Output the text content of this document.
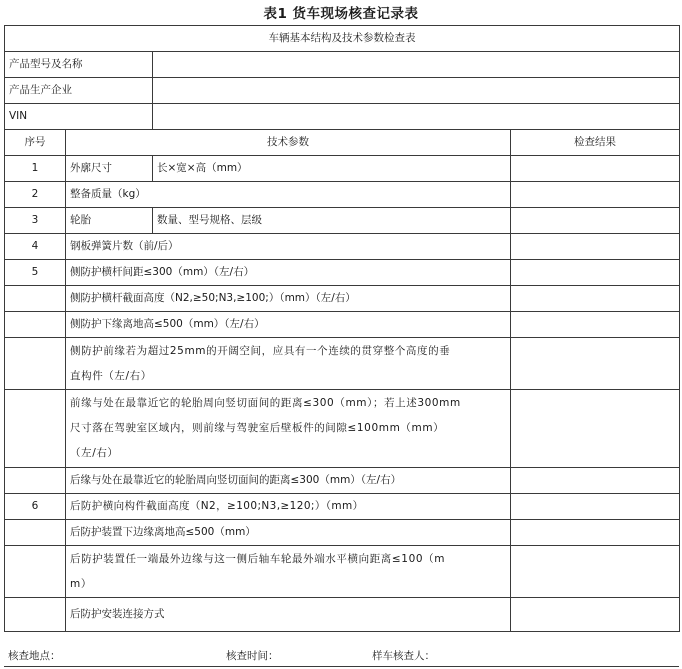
表1 货车现场核查记录表
车辆基本结构及技术参数检查表			
产品型号及名称			
产品生产企业			
VIN			
序号	技术参数		检查结果
1	外廓尺寸	长×宽×高（mm）	
2	整备质量（kg）		
3	轮胎	数量、型号规格、层级	
4	钢板弹簧片数（前/后）		
5	侧防护横杆间距≤300（mm）（左/右）		
	侧防护横杆截面高度（N2,≥50;N3,≥100;）（mm）（左/右）		
	侧防护下缘离地高≤500（mm）（左/右）		
	侧防护前缘若为超过25mm的开阔空间，应具有一个连续的贯穿整个高度的垂
直构件（左/右）		
	前缘与处在最靠近它的轮胎周向竖切面间的距离≤300（mm）；若上述300mm
尺寸落在驾驶室区域内，则前缘与驾驶室后壁板件的间隙≤100mm（mm）
（左/右）		
	后缘与处在最靠近它的轮胎周向竖切面间的距离≤300（mm）（左/右）		
6	后防护横向构件截面高度（N2，≥100;N3,≥120;）（mm）		
	后防护装置下边缘离地高≤500（mm）		
	后防护装置任一端最外边缘与这一侧后轴车轮最外端水平横向距离≤100（m
m）		
	后防护安装连接方式		
核查地点：	核查时间：	样车核查人：
